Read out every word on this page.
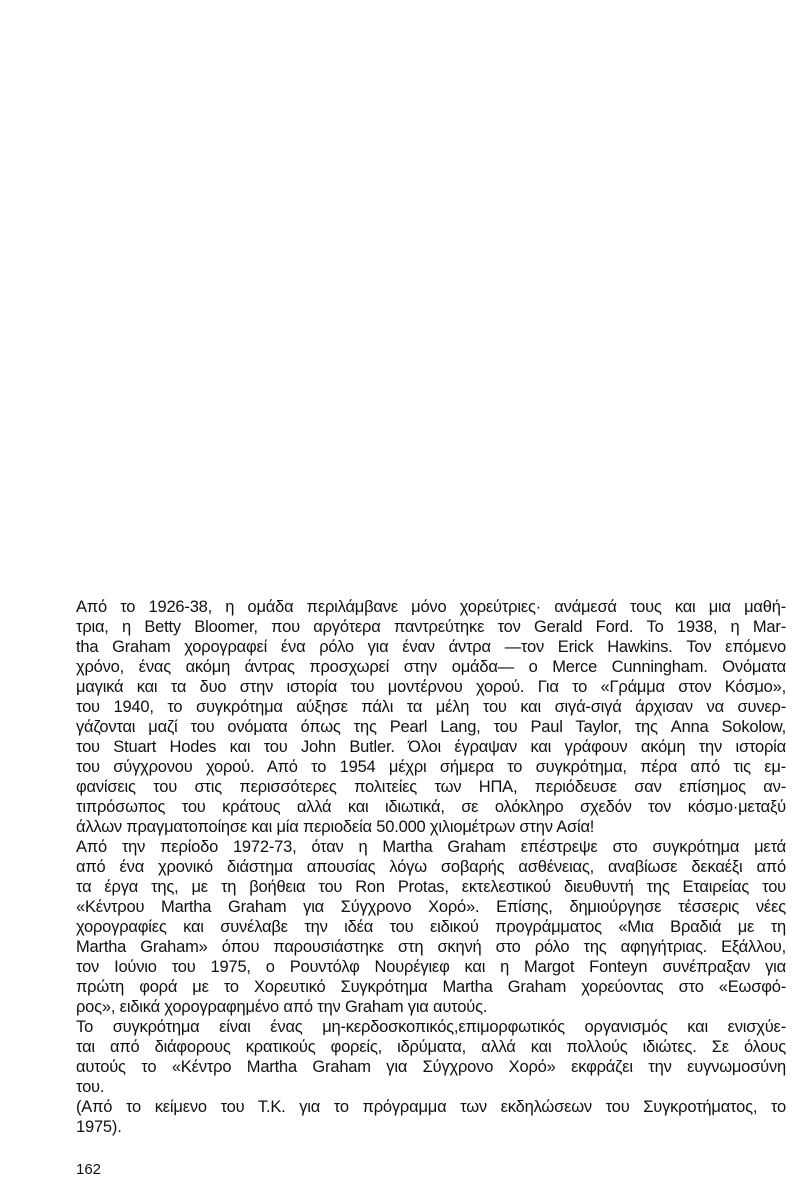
Από το 1926-38, η ομάδα περιλάμβανε μόνο χορεύτριες· ανάμεσά τους και μια μαθή-
τρια, η Betty Bloomer, που αργότερα παντρεύτηκε τον Gerald Ford. Το 1938, η Mar-
tha Graham χορογραφεί ένα ρόλο για έναν άντρα —τον Erick Hawkins. Τον επόμενο
χρόνο, ένας ακόμη άντρας προσχωρεί στην ομάδα— ο Merce Cunningham. Ονόματα
μαγικά και τα δυο στην ιστορία του μοντέρνου χορού. Για το «Γράμμα στον Κόσμο»,
του 1940, το συγκρότημα αύξησε πάλι τα μέλη του και σιγά-σιγά άρχισαν να συνερ-
γάζονται μαζί του ονόματα όπως της Pearl Lang, του Paul Taylor, της Anna Sokolow,
του Stuart Hodes και του John Butler. Όλοι έγραψαν και γράφουν ακόμη την ιστορία
του σύγχρονου χορού. Από το 1954 μέχρι σήμερα το συγκρότημα, πέρα από τις εμ-
φανίσεις του στις περισσότερες πολιτείες των ΗΠΑ, περιόδευσε σαν επίσημος αν-
τιπρόσωπος του κράτους αλλά και ιδιωτικά, σε ολόκληρο σχεδόν τον κόσμο·μεταξύ
άλλων πραγματοποίησε και μία περιοδεία 50.000 χιλιομέτρων στην Ασία!
Από την περίοδο 1972-73, όταν η Martha Graham επέστρεψε στο συγκρότημα μετά
από ένα χρονικό διάστημα απουσίας λόγω σοβαρής ασθένειας, αναβίωσε δεκαέξι από
τα έργα της, με τη βοήθεια του Ron Protas, εκτελεστικού διευθυντή της Εταιρείας του
«Κέντρου Martha Graham για Σύγχρονο Χορό». Επίσης, δημιούργησε τέσσερις νέες
χορογραφίες και συνέλαβε την ιδέα του ειδικού προγράμματος «Μια Βραδιά με τη
Martha Graham» όπου παρουσιάστηκε στη σκηνή στο ρόλο της αφηγήτριας. Εξάλλου,
τον Ιούνιο του 1975, ο Ρουντόλφ Νουρέγιεφ και η Margot Fonteyn συνέπραξαν για
πρώτη φορά με το Χορευτικό Συγκρότημα Martha Graham χορεύοντας στο «Εωσφό-
ρος», ειδικά χορογραφημένο από την Graham για αυτούς.
Το συγκρότημα είναι ένας μη-κερδοσκοπικός,επιμορφωτικός οργανισμός και ενισχύε-
ται από διάφορους κρατικούς φορείς, ιδρύματα, αλλά και πολλούς ιδιώτες. Σε όλους
αυτούς το «Κέντρο Martha Graham για Σύγχρονο Χορό» εκφράζει την ευγνωμοσύνη
του.
(Από το κείμενο του Τ.Κ. για το πρόγραμμα των εκδηλώσεων του Συγκροτήματος, το
1975).
162
